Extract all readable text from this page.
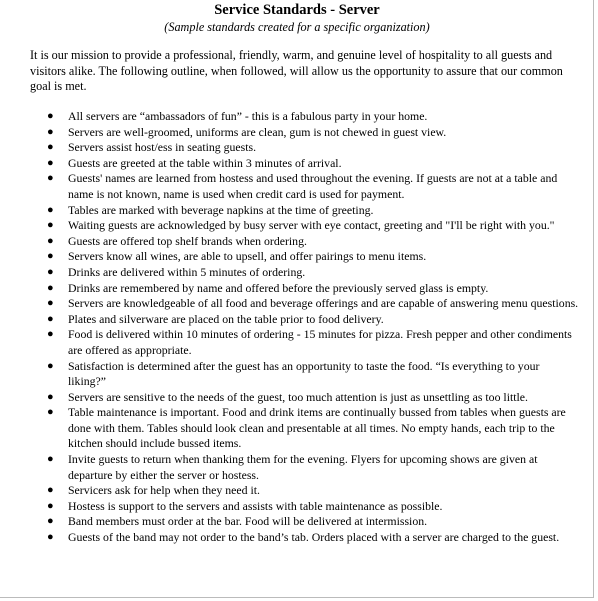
Service Standards - Server
(Sample standards created for a specific organization)

It is our mission to provide a professional, friendly, warm, and genuine level of hospitality to all guests and visitors alike. The following outline, when followed, will allow us the opportunity to assure that our common goal is met.

● All servers are “ambassadors of fun” - this is a fabulous party in your home.
● Servers are well-groomed, uniforms are clean, gum is not chewed in guest view.
● Servers assist host/ess in seating guests.
● Guests are greeted at the table within 3 minutes of arrival.
● Guests' names are learned from hostess and used throughout the evening. If guests are not at a table and name is not known, name is used when credit card is used for payment.
● Tables are marked with beverage napkins at the time of greeting.
● Waiting guests are acknowledged by busy server with eye contact, greeting and "I'll be right with you."
● Guests are offered top shelf brands when ordering.
● Servers know all wines, are able to upsell, and offer pairings to menu items.
● Drinks are delivered within 5 minutes of ordering.
● Drinks are remembered by name and offered before the previously served glass is empty.
● Servers are knowledgeable of all food and beverage offerings and are capable of answering menu questions.
● Plates and silverware are placed on the table prior to food delivery.
● Food is delivered within 10 minutes of ordering - 15 minutes for pizza. Fresh pepper and other condiments are offered as appropriate.
● Satisfaction is determined after the guest has an opportunity to taste the food. “Is everything to your liking?”
● Servers are sensitive to the needs of the guest, too much attention is just as unsettling as too little.
● Table maintenance is important. Food and drink items are continually bussed from tables when guests are done with them. Tables should look clean and presentable at all times. No empty hands, each trip to the kitchen should include bussed items.
● Invite guests to return when thanking them for the evening. Flyers for upcoming shows are given at departure by either the server or hostess.
● Servicers ask for help when they need it.
● Hostess is support to the servers and assists with table maintenance as possible.
● Band members must order at the bar. Food will be delivered at intermission.
● Guests of the band may not order to the band’s tab. Orders placed with a server are charged to the guest.
